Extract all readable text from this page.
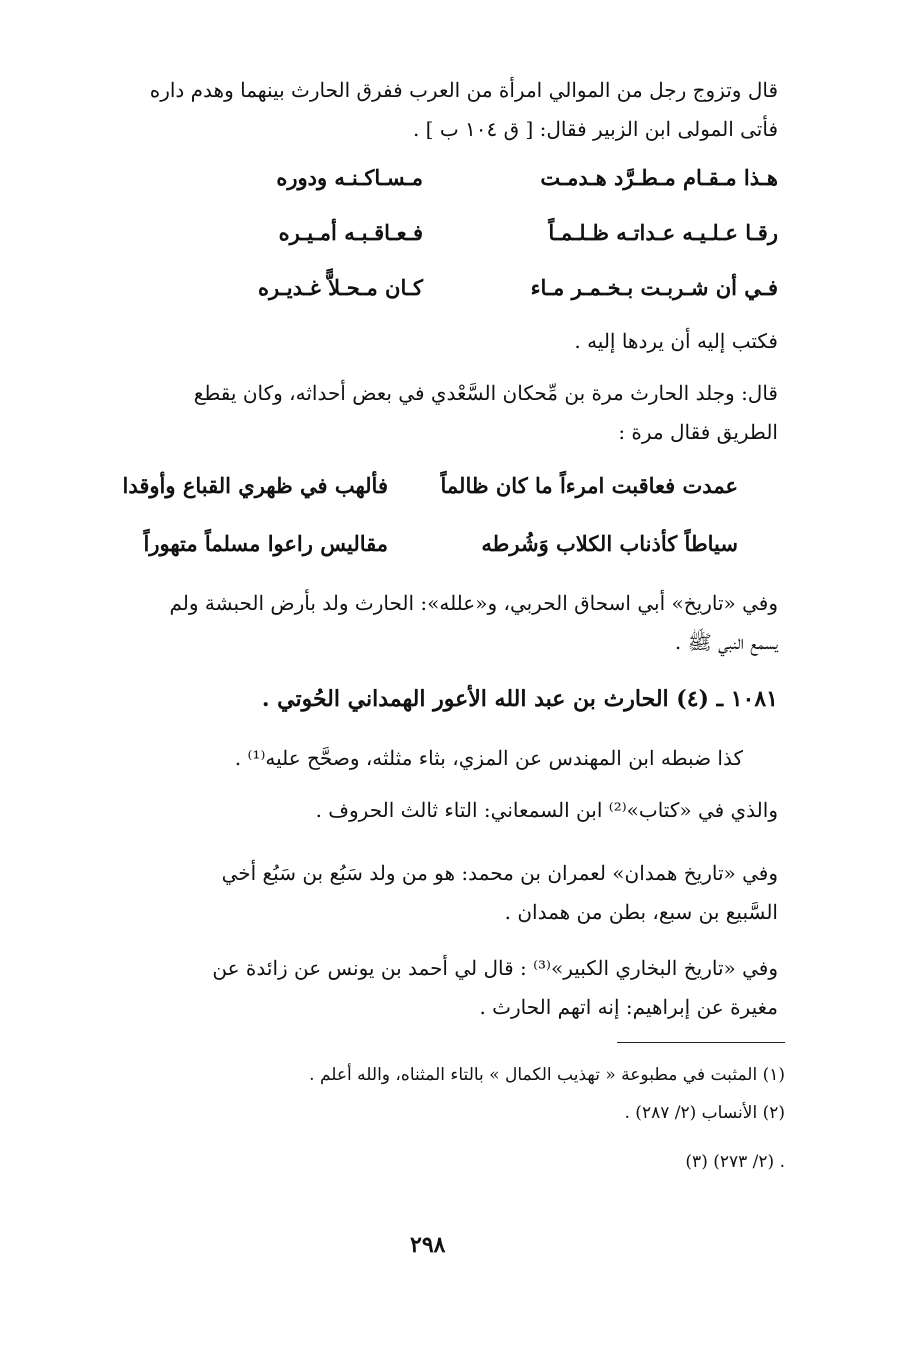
قال وتزوج رجل من الموالي امرأة من العرب ففرق الحارث بينهما وهدم داره
فأتى المولى ابن الزبير فقال: [ ق ١٠٤ ب ] .
هـذا مـقـام مـطـرَّد هـدمـت
مـسـاكـنـه ودوره
رقـا عـلـيـه عـداتـه ظـلـمـاً
فـعـاقـبـه أمـيـره
فـي أن شـربـت بـخـمـر مـاء
كـان مـحـلاًّ غـديـره
فكتب إليه أن يردها إليه .
قال: وجلد الحارث مرة بن مِّحكان السَّعْدي في بعض أحداثه، وكان يقطع
الطريق فقال مرة :
عمدت فعاقبت امرءاً ما كان ظالماً
فألهب في ظهري القباع وأوقدا
سياطاً كأذناب الكلاب وَشُرطه
مقاليس راعوا مسلماً متهوراً
وفي «تاريخ» أبي اسحاق الحربي، و«علله»: الحارث ولد بأرض الحبشة ولم
يسمع النبي ﷺ .
١٠٨١ ـ (٤) الحارث بن عبد الله الأعور الهمداني الحُوتي .
كذا ضبطه ابن المهندس عن المزي، بثاء مثلثه، وصحَّح عليه⁽¹⁾ .
والذي في «كتاب»⁽²⁾ ابن السمعاني: التاء ثالث الحروف .
وفي «تاريخ همدان» لعمران بن محمد: هو من ولد سَبُع بن سَبُع أخي
السَّبيع بن سبع، بطن من همدان .
وفي «تاريخ البخاري الكبير»⁽³⁾ : قال لي أحمد بن يونس عن زائدة عن
مغيرة عن إبراهيم: إنه اتهم الحارث .
(١) المثبت في مطبوعة « تهذيب الكمال » بالتاء المثناه، والله أعلم .
(٢) الأنساب (٢/ ٢٨٧) .
(٣) (٢/ ٢٧٣) .
٢٩٨
